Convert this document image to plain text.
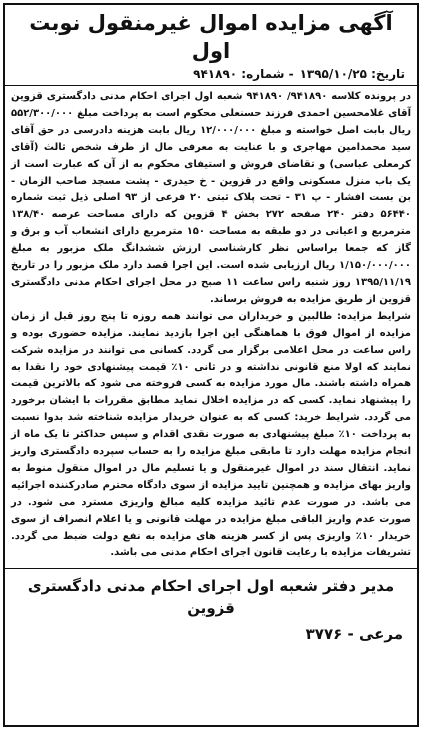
آگهی مزایده اموال غیرمنقول نوبت اول
تاریخ: ۱۳۹۵/۱۰/۲۵
- شماره: ۹۴۱۸۹۰
در پرونده کلاسه ۹۴۱۸۹۰/ ۹۴۱۸۹۰ شعبه اول اجرای احکام مدنی دادگستری قزوین آقای غلامحسین احمدی فرزند حسنعلی محکوم است به پرداخت مبلغ ۵۵۲/۳۰۰/۰۰۰ ریال بابت اصل خواسته و مبلغ ۱۲/۰۰۰/۰۰۰ ریال بابت هزینه دادرسی در حق آقای سید محمدامین مهاجری و با عنایت به معرفی مال از طرف شخص ثالث (آقای کرمعلی عباسی) و تقاضای فروش و استیفای محکوم به از آن که عبارت است از یک باب منزل مسکونی واقع در قزوین - خ حیدری - پشت مسجد صاحب الزمان - بن بست افشار - پ ۳۱ - تحت پلاک ثبتی ۲۰ فرعی از ۹۳ اصلی ذیل ثبت شماره ۵۶۴۴۰ دفتر ۲۴۰ صفحه ۲۷۲ بخش ۴ قزوین که دارای مساحت عرصه ۱۳۸/۴۰ مترمربع و اعیانی در دو طبقه به مساحت ۱۵۰ مترمربع دارای انشعاب آب و برق و گاز که جمعا براساس نظر کارشناسی ارزش ششدانگ ملک مزبور به مبلغ ۱/۱۵۰/۰۰۰/۰۰۰ ریال ارزیابی شده است. این اجرا قصد دارد ملک مزبور را در تاریخ ۱۳۹۵/۱۱/۱۹ روز شنبه راس ساعت ۱۱ صبح در محل اجرای احکام مدنی دادگستری قزوین از طریق مزایده به فروش برساند.
شرایط مزایده: طالبین و خریداران می توانند همه روزه تا پنج روز قبل از زمان مزایده از اموال فوق با هماهنگی این اجرا بازدید نمایند. مزایده حضوری بوده و راس ساعت در محل اعلامی برگزار می گردد. کسانی می توانند در مزایده شرکت نمایند که اولا منع قانونی نداشته و در ثانی ۱۰٪ قیمت پیشنهادی خود را نقدا به همراه داشته باشند. مال مورد مزایده به کسی فروخته می شود که بالاترین قیمت را پیشنهاد نماید. کسی که در مزایده اخلال نماید مطابق مقررات با ایشان برخورد می گردد. شرایط خرید: کسی که به عنوان خریدار مزایده شناخته شد بدوا نسبت به پرداخت ۱۰٪ مبلغ پیشنهادی به صورت نقدی اقدام و سپس حداکثر تا یک ماه از انجام مزایده مهلت دارد تا مابقی مبلغ مزایده را به حساب سپرده دادگستری واریز نماید. انتقال سند در اموال غیرمنقول و یا تسلیم مال در اموال منقول منوط به واریز بهای مزایده و همچنین تایید مزایده از سوی دادگاه محترم صادرکننده اجرائیه می باشد. در صورت عدم تائید مزایده کلیه مبالغ واریزی مسترد می شود. در صورت عدم واریز الباقی مبلغ مزایده در مهلت قانونی و یا اعلام انصراف از سوی خریدار ۱۰٪ واریزی پس از کسر هزینه های مزایده به نفع دولت ضبط می گردد. تشریفات مزایده با رعایت قانون اجرای احکام مدنی می باشد.
مدیر دفتر شعبه اول اجرای احکام مدنی دادگستری قزوین
مرعی - ۳۷۷۶
